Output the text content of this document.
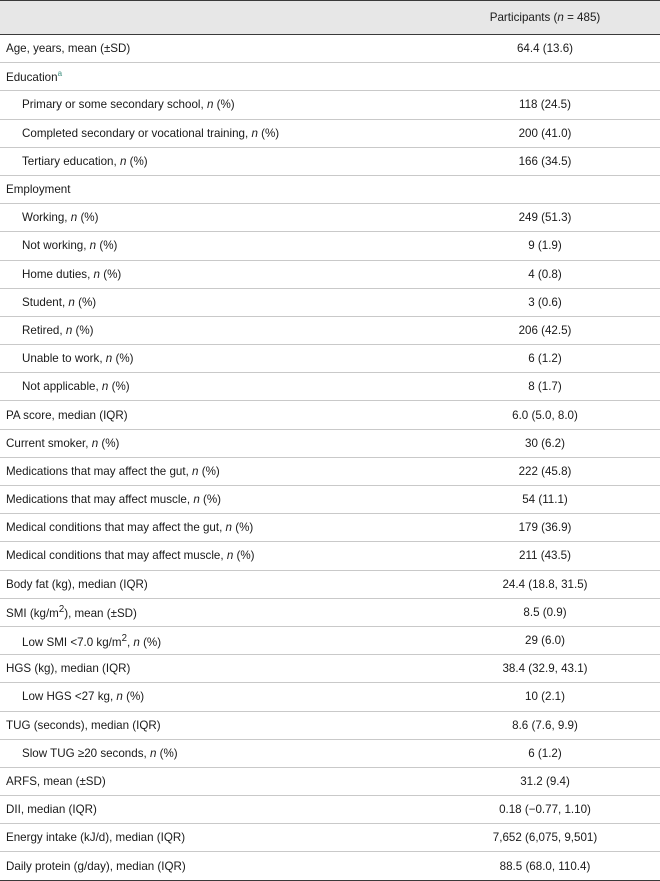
	Participants (n = 485)
Age, years, mean (±SD)	64.4 (13.6)
Education$^a$	
Primary or some secondary school, n (%)	118 (24.5)
Completed secondary or vocational training, n (%)	200 (41.0)
Tertiary education, n (%)	166 (34.5)
Employment	
Working, n (%)	249 (51.3)
Not working, n (%)	9 (1.9)
Home duties, n (%)	4 (0.8)
Student, n (%)	3 (0.6)
Retired, n (%)	206 (42.5)
Unable to work, n (%)	6 (1.2)
Not applicable, n (%)	8 (1.7)
PA score, median (IQR)	6.0 (5.0, 8.0)
Current smoker, n (%)	30 (6.2)
Medications that may affect the gut, n (%)	222 (45.8)
Medications that may affect muscle, n (%)	54 (11.1)
Medical conditions that may affect the gut, n (%)	179 (36.9)
Medical conditions that may affect muscle, n (%)	211 (43.5)
Body fat (kg), median (IQR)	24.4 (18.8, 31.5)
SMI $(kg/m^2)$, mean (±SD)	8.5 (0.9)
Low SMI <7.0 $kg/m^2$, n (%)	29 (6.0)
HGS (kg), median (IQR)	38.4 (32.9, 43.1)
Low HGS <27 kg, n (%)	10 (2.1)
TUG (seconds), median (IQR)	8.6 (7.6, 9.9)
Slow TUG ≥20 seconds, n (%)	6 (1.2)
ARFS, mean (±SD)	31.2 (9.4)
DII, median (IQR)	0.18 (−0.77, 1.10)
Energy intake (kJ/d), median (IQR)	7,652 (6,075, 9,501)
Daily protein (g/day), median (IQR)	88.5 (68.0, 110.4)
